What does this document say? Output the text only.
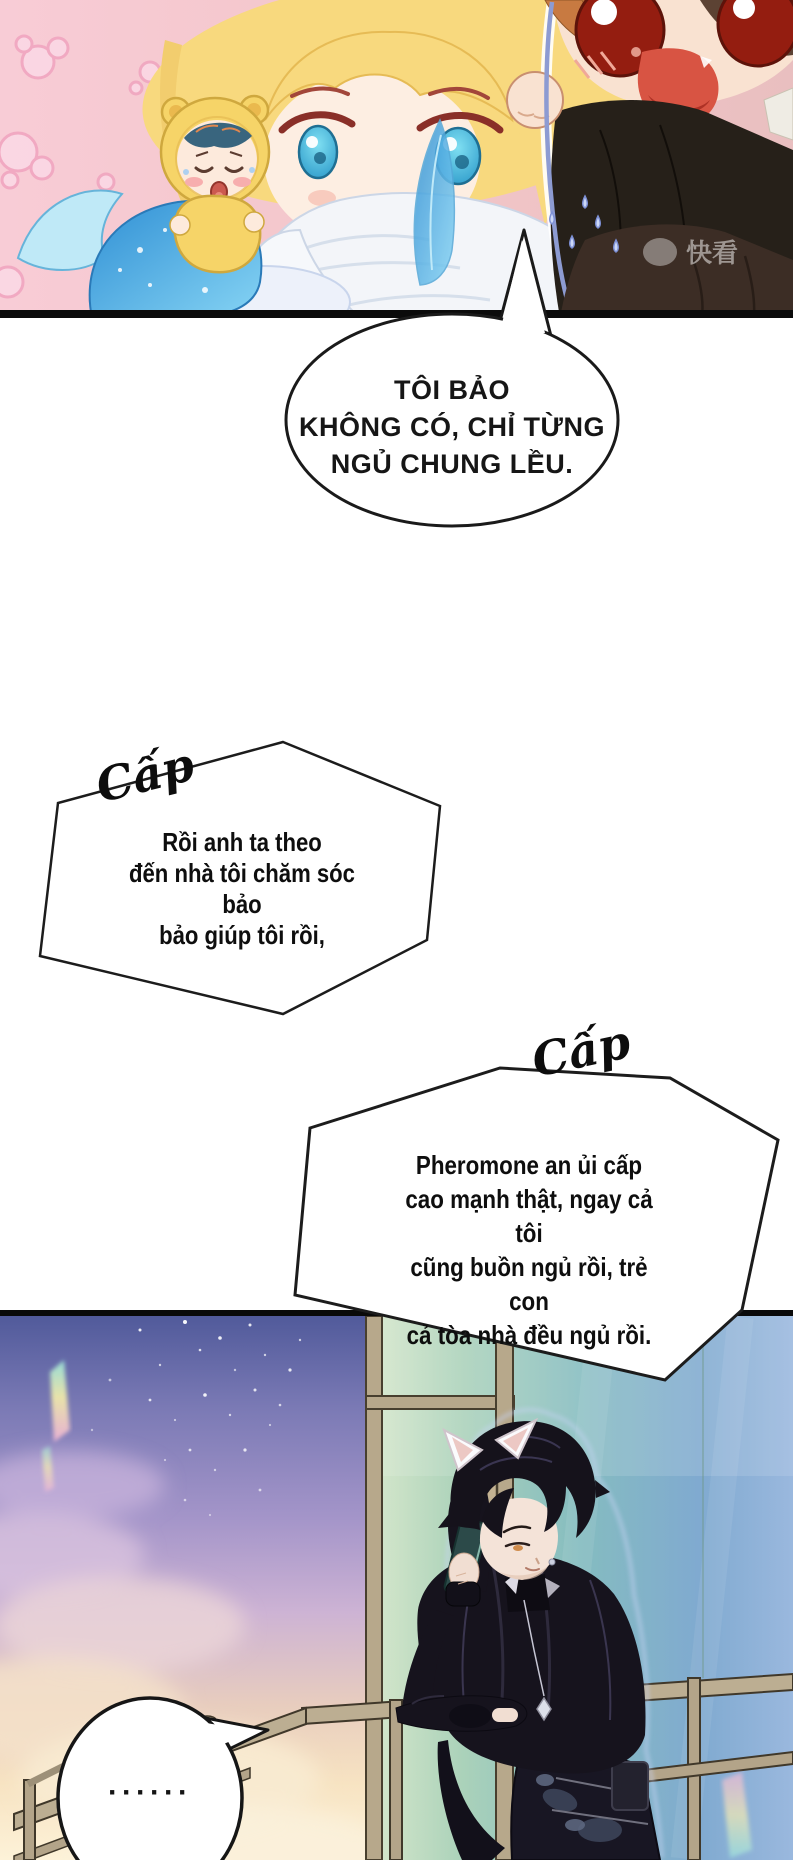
快看
TÔI BẢO
KHÔNG CÓ, CHỈ TỪNG
NGỦ CHUNG LỀU.
Cấp
Rồi anh ta theo
đến nhà tôi chăm sóc bảo
bảo giúp tôi rồi,
Cấp
Pheromone an ủi cấp
cao mạnh thật, ngay cả tôi
cũng buồn ngủ rồi, trẻ con
cả tòa nhà đều ngủ rồi.
······
